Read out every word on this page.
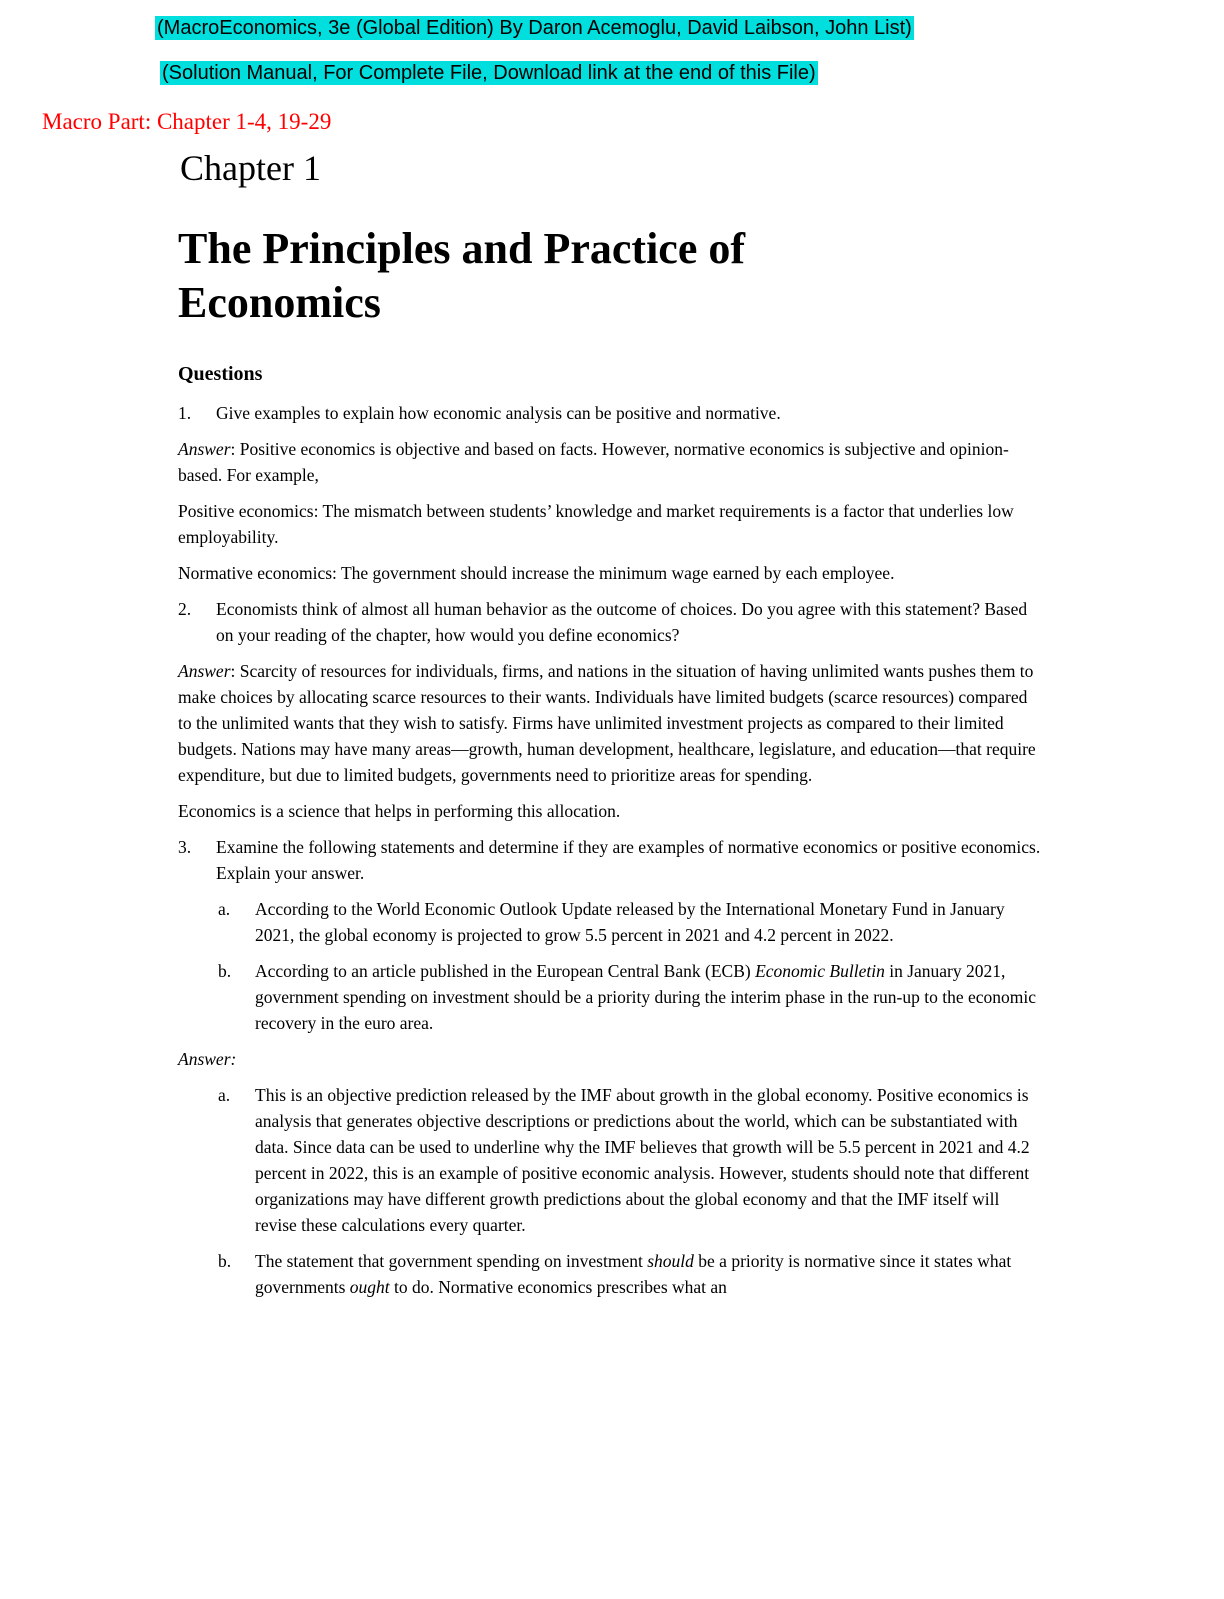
(MacroEconomics, 3e (Global Edition) By Daron Acemoglu, David Laibson, John List)

(Solution Manual, For Complete File, Download link at the end of this File)

Macro Part: Chapter 1-4, 19-29

Chapter 1
The Principles and Practice of Economics
Questions
1.	Give examples to explain how economic analysis can be positive and normative.

Answer: Positive economics is objective and based on facts. However, normative economics is subjective and opinion-based. For example,

Positive economics: The mismatch between students’ knowledge and market requirements is a factor that underlies low employability.

Normative economics: The government should increase the minimum wage earned by each employee.

2.	Economists think of almost all human behavior as the outcome of choices. Do you agree with this statement? Based on your reading of the chapter, how would you define economics?

Answer: Scarcity of resources for individuals, firms, and nations in the situation of having unlimited wants pushes them to make choices by allocating scarce resources to their wants. Individuals have limited budgets (scarce resources) compared to the unlimited wants that they wish to satisfy. Firms have unlimited investment projects as compared to their limited budgets. Nations may have many areas—growth, human development, healthcare, legislature, and education—that require expenditure, but due to limited budgets, governments need to prioritize areas for spending.

Economics is a science that helps in performing this allocation.

3.	Examine the following statements and determine if they are examples of normative economics or positive economics. Explain your answer.
a.	According to the World Economic Outlook Update released by the International Monetary Fund in January 2021, the global economy is projected to grow 5.5 percent in 2021 and 4.2 percent in 2022.
b.	According to an article published in the European Central Bank (ECB) Economic Bulletin in January 2021, government spending on investment should be a priority during the interim phase in the run-up to the economic recovery in the euro area.

Answer:

a.	This is an objective prediction released by the IMF about growth in the global economy. Positive economics is analysis that generates objective descriptions or predictions about the world, which can be substantiated with data. Since data can be used to underline why the IMF believes that growth will be 5.5 percent in 2021 and 4.2 percent in 2022, this is an example of positive economic analysis. However, students should note that different organizations may have different growth predictions about the global economy and that the IMF itself will revise these calculations every quarter.
b.	The statement that government spending on investment should be a priority is normative since it states what governments ought to do. Normative economics prescribes what an
